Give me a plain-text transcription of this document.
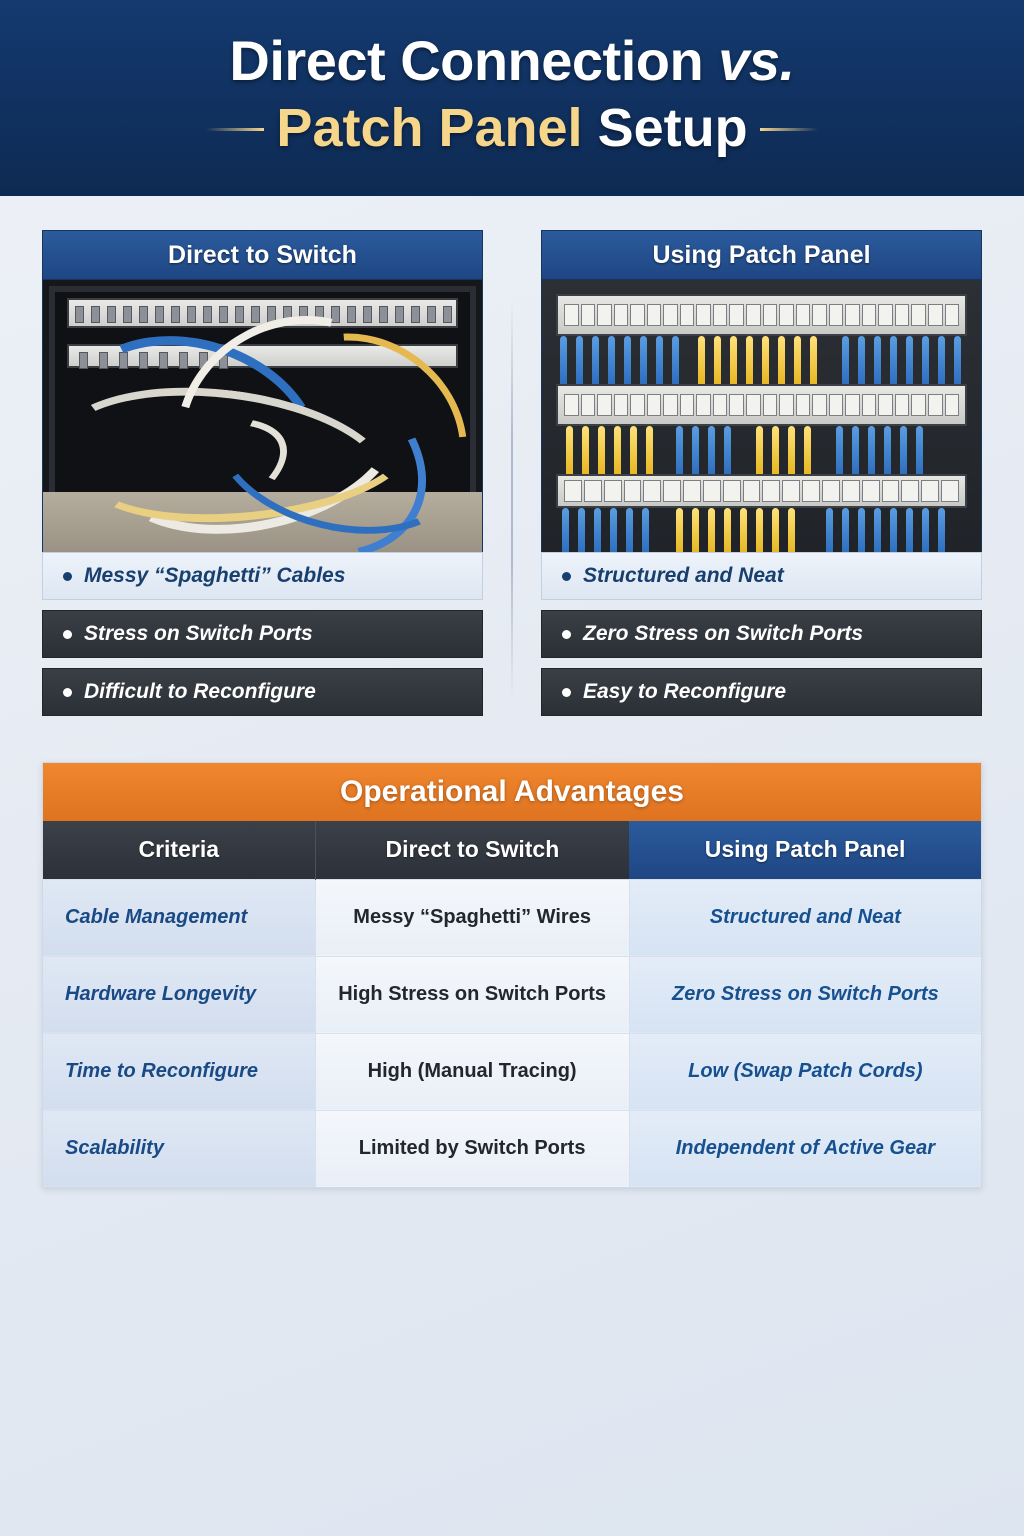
Direct Connection vs.
Patch Panel Setup
Direct to Switch
Messy “Spaghetti” Cables
Stress on Switch Ports
Difficult to Reconfigure
Using Patch Panel
Structured and Neat
Zero Stress on Switch Ports
Easy to Reconfigure
Operational Advantages
Criteria	Direct to Switch	Using Patch Panel
Cable Management	Messy “Spaghetti” Wires	Structured and Neat
Hardware Longevity	High Stress on Switch Ports	Zero Stress on Switch Ports
Time to Reconfigure	High (Manual Tracing)	Low (Swap Patch Cords)
Scalability	Limited by Switch Ports	Independent of Active Gear
